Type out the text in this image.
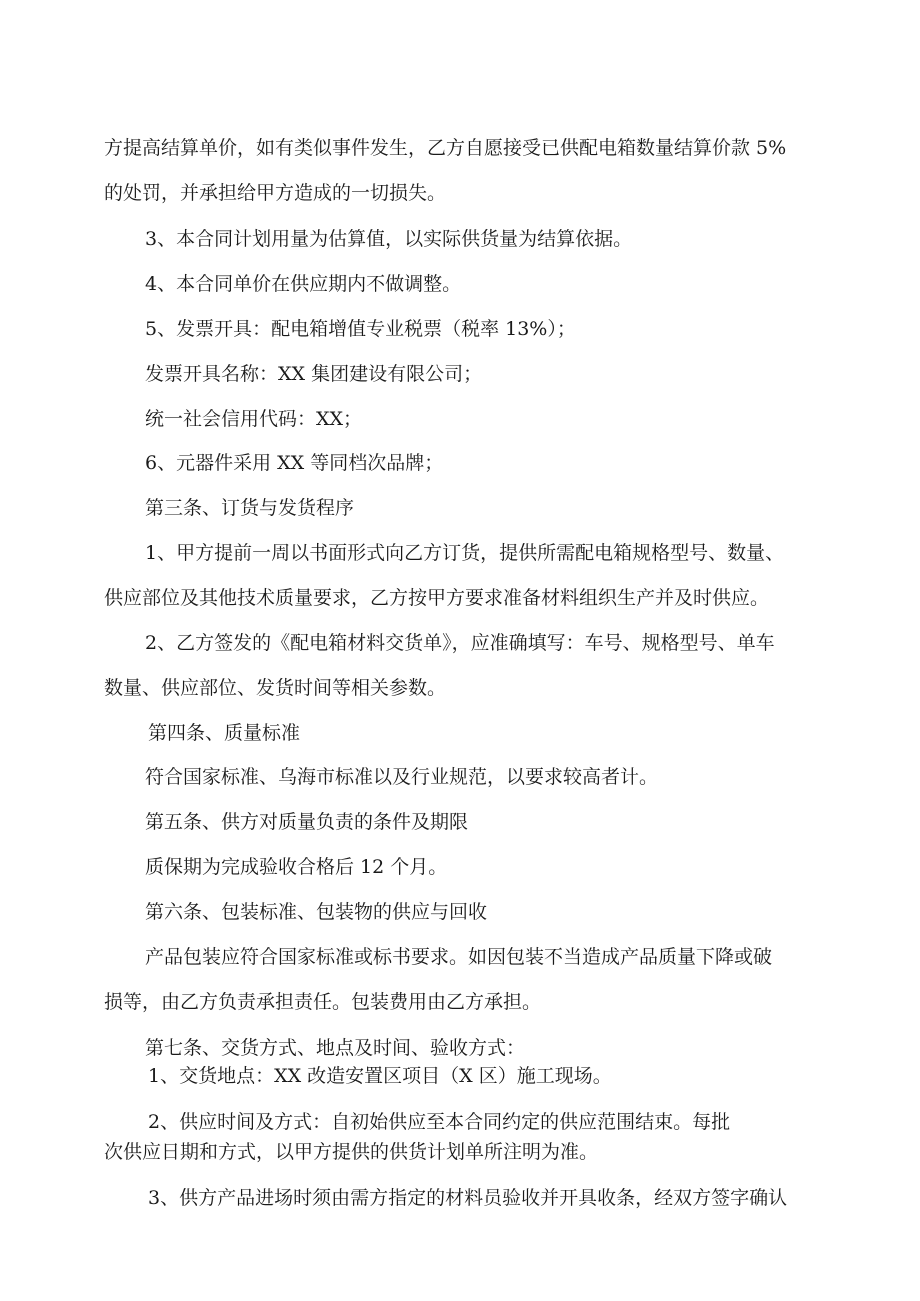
方提高结算单价，如有类似事件发生，乙方自愿接受已供配电箱数量结算价款 5%
的处罚，并承担给甲方造成的一切损失。
3、本合同计划用量为估算值，以实际供货量为结算依据。
4、本合同单价在供应期内不做调整。
5、发票开具：配电箱增值专业税票（税率 13%）；
发票开具名称：XX 集团建设有限公司；
统一社会信用代码：XX；
6、元器件采用 XX 等同档次品牌；
第三条、订货与发货程序
1、甲方提前一周以书面形式向乙方订货，提供所需配电箱规格型号、数量、
供应部位及其他技术质量要求，乙方按甲方要求准备材料组织生产并及时供应。
2、乙方签发的《配电箱材料交货单》，应准确填写：车号、规格型号、单车
数量、供应部位、发货时间等相关参数。
第四条、质量标准
符合国家标准、乌海市标准以及行业规范，以要求较高者计。
第五条、供方对质量负责的条件及期限
质保期为完成验收合格后 12 个月。
第六条、包装标准、包装物的供应与回收
产品包装应符合国家标准或标书要求。如因包装不当造成产品质量下降或破
损等，由乙方负责承担责任。包装费用由乙方承担。
第七条、交货方式、地点及时间、验收方式：
1、交货地点：XX 改造安置区项目（X 区）施工现场。
2、供应时间及方式：自初始供应至本合同约定的供应范围结束。每批
次供应日期和方式，以甲方提供的供货计划单所注明为准。
3、供方产品进场时须由需方指定的材料员验收并开具收条，经双方签字确认
